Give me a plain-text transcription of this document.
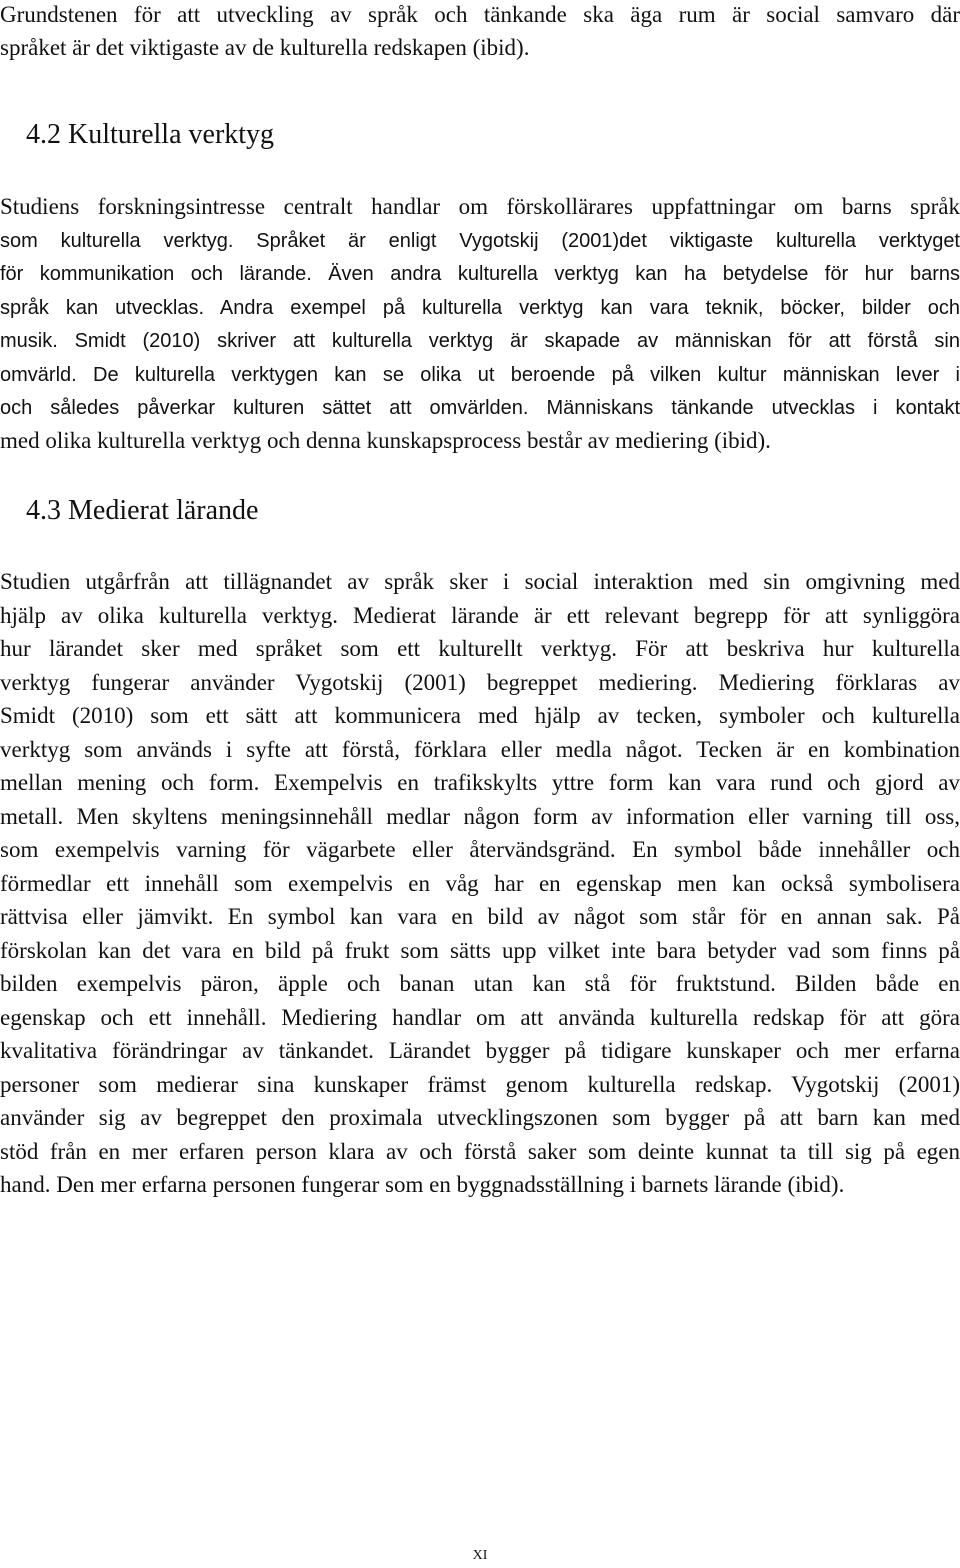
Grundstenen för att utveckling av språk och tänkande ska äga rum är social samvaro där
språket är det viktigaste av de kulturella redskapen (ibid).
4.2 Kulturella verktyg
Studiens forskningsintresse centralt handlar om förskollärares uppfattningar om barns språk
som kulturella verktyg. Språket är enligt Vygotskij (2001)det viktigaste kulturella verktyget
för kommunikation och lärande. Även andra kulturella verktyg kan ha betydelse för hur barns
språk kan utvecklas. Andra exempel på kulturella verktyg kan vara teknik, böcker, bilder och
musik. Smidt (2010) skriver att kulturella verktyg är skapade av människan för att förstå sin
omvärld. De kulturella verktygen kan se olika ut beroende på vilken kultur människan lever i
och således påverkar kulturen sättet att omvärlden. Människans tänkande utvecklas i kontakt
med olika kulturella verktyg och denna kunskapsprocess består av mediering (ibid).
4.3 Medierat lärande
Studien utgårfrån att tillägnandet av språk sker i social interaktion med sin omgivning med
hjälp av olika kulturella verktyg. Medierat lärande är ett relevant begrepp för att synliggöra
hur lärandet sker med språket som ett kulturellt verktyg. För att beskriva hur kulturella
verktyg fungerar använder Vygotskij (2001) begreppet mediering. Mediering förklaras av
Smidt (2010) som ett sätt att kommunicera med hjälp av tecken, symboler och kulturella
verktyg som används i syfte att förstå, förklara eller medla något. Tecken är en kombination
mellan mening och form. Exempelvis en trafikskylts yttre form kan vara rund och gjord av
metall. Men skyltens meningsinnehåll medlar någon form av information eller varning till oss,
som exempelvis varning för vägarbete eller återvändsgränd. En symbol både innehåller och
förmedlar ett innehåll som exempelvis en våg har en egenskap men kan också symbolisera
rättvisa eller jämvikt. En symbol kan vara en bild av något som står för en annan sak. På
förskolan kan det vara en bild på frukt som sätts upp vilket inte bara betyder vad som finns på
bilden exempelvis päron, äpple och banan utan kan stå för fruktstund. Bilden både en
egenskap och ett innehåll. Mediering handlar om att använda kulturella redskap för att göra
kvalitativa förändringar av tänkandet. Lärandet bygger på tidigare kunskaper och mer erfarna
personer som medierar sina kunskaper främst genom kulturella redskap. Vygotskij (2001)
använder sig av begreppet den proximala utvecklingszonen som bygger på att barn kan med
stöd från en mer erfaren person klara av och förstå saker som deinte kunnat ta till sig på egen
hand. Den mer erfarna personen fungerar som en byggnadsställning i barnets lärande (ibid).
XI
